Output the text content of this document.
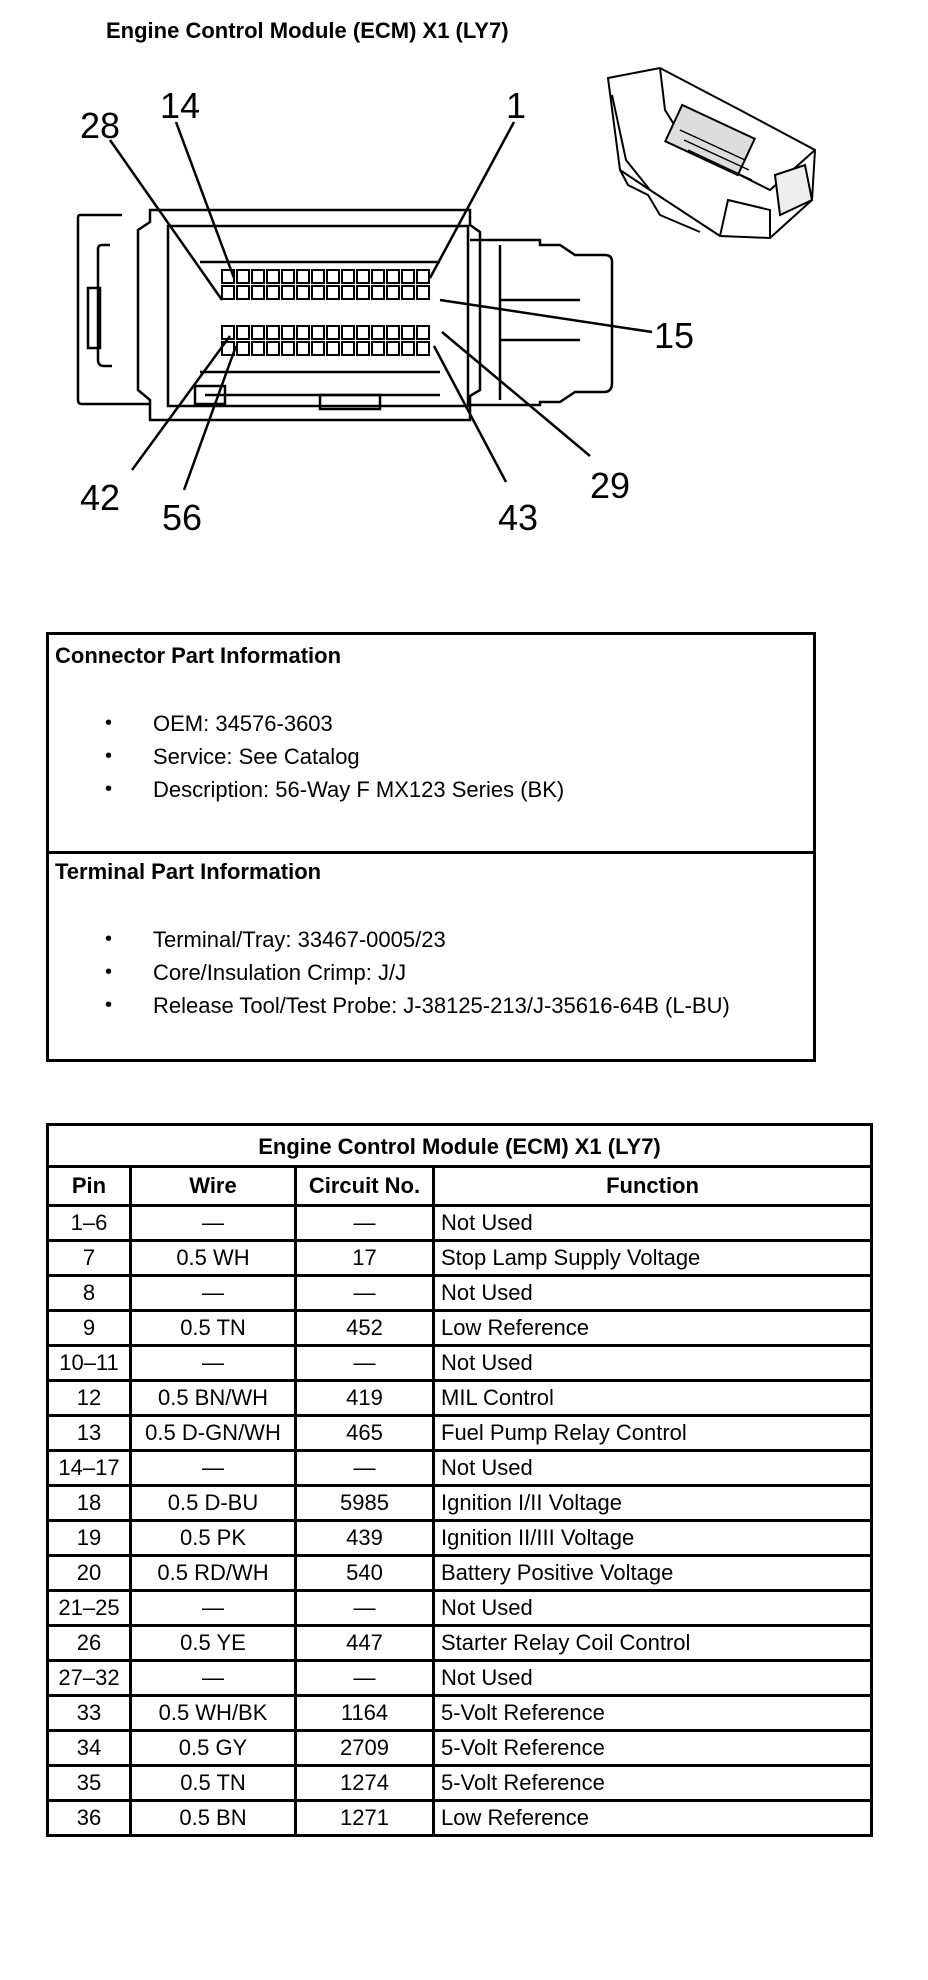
Engine Control Module (ECM) X1 (LY7)
28 14	1
15
42 56	43
29
Connector Part Information
• OEM: 34576-3603
• Service: See Catalog
• Description: 56-Way F MX123 Series (BK)
Terminal Part Information
• Terminal/Tray: 33467-0005/23
• Core/Insulation Crimp: J/J
• Release Tool/Test Probe: J-38125-213/J-35616-64B (L-BU)
Engine Control Module (ECM) X1 (LY7)
Pin	Wire	Circuit No.	Function
1–6	—	—	Not Used
7	0.5 WH	17	Stop Lamp Supply Voltage
8	—	—	Not Used
9	0.5 TN	452	Low Reference
10–11	—	—	Not Used
12	0.5 BN/WH	419	MIL Control
13	0.5 D-GN/WH	465	Fuel Pump Relay Control
14–17	—	—	Not Used
18	0.5 D-BU	5985	Ignition I/II Voltage
19	0.5 PK	439	Ignition II/III Voltage
20	0.5 RD/WH	540	Battery Positive Voltage
21–25	—	—	Not Used
26	0.5 YE	447	Starter Relay Coil Control
27–32	—	—	Not Used
33	0.5 WH/BK	1164	5-Volt Reference
34	0.5 GY	2709	5-Volt Reference
35	0.5 TN	1274	5-Volt Reference
36	0.5 BN	1271	Low Reference
